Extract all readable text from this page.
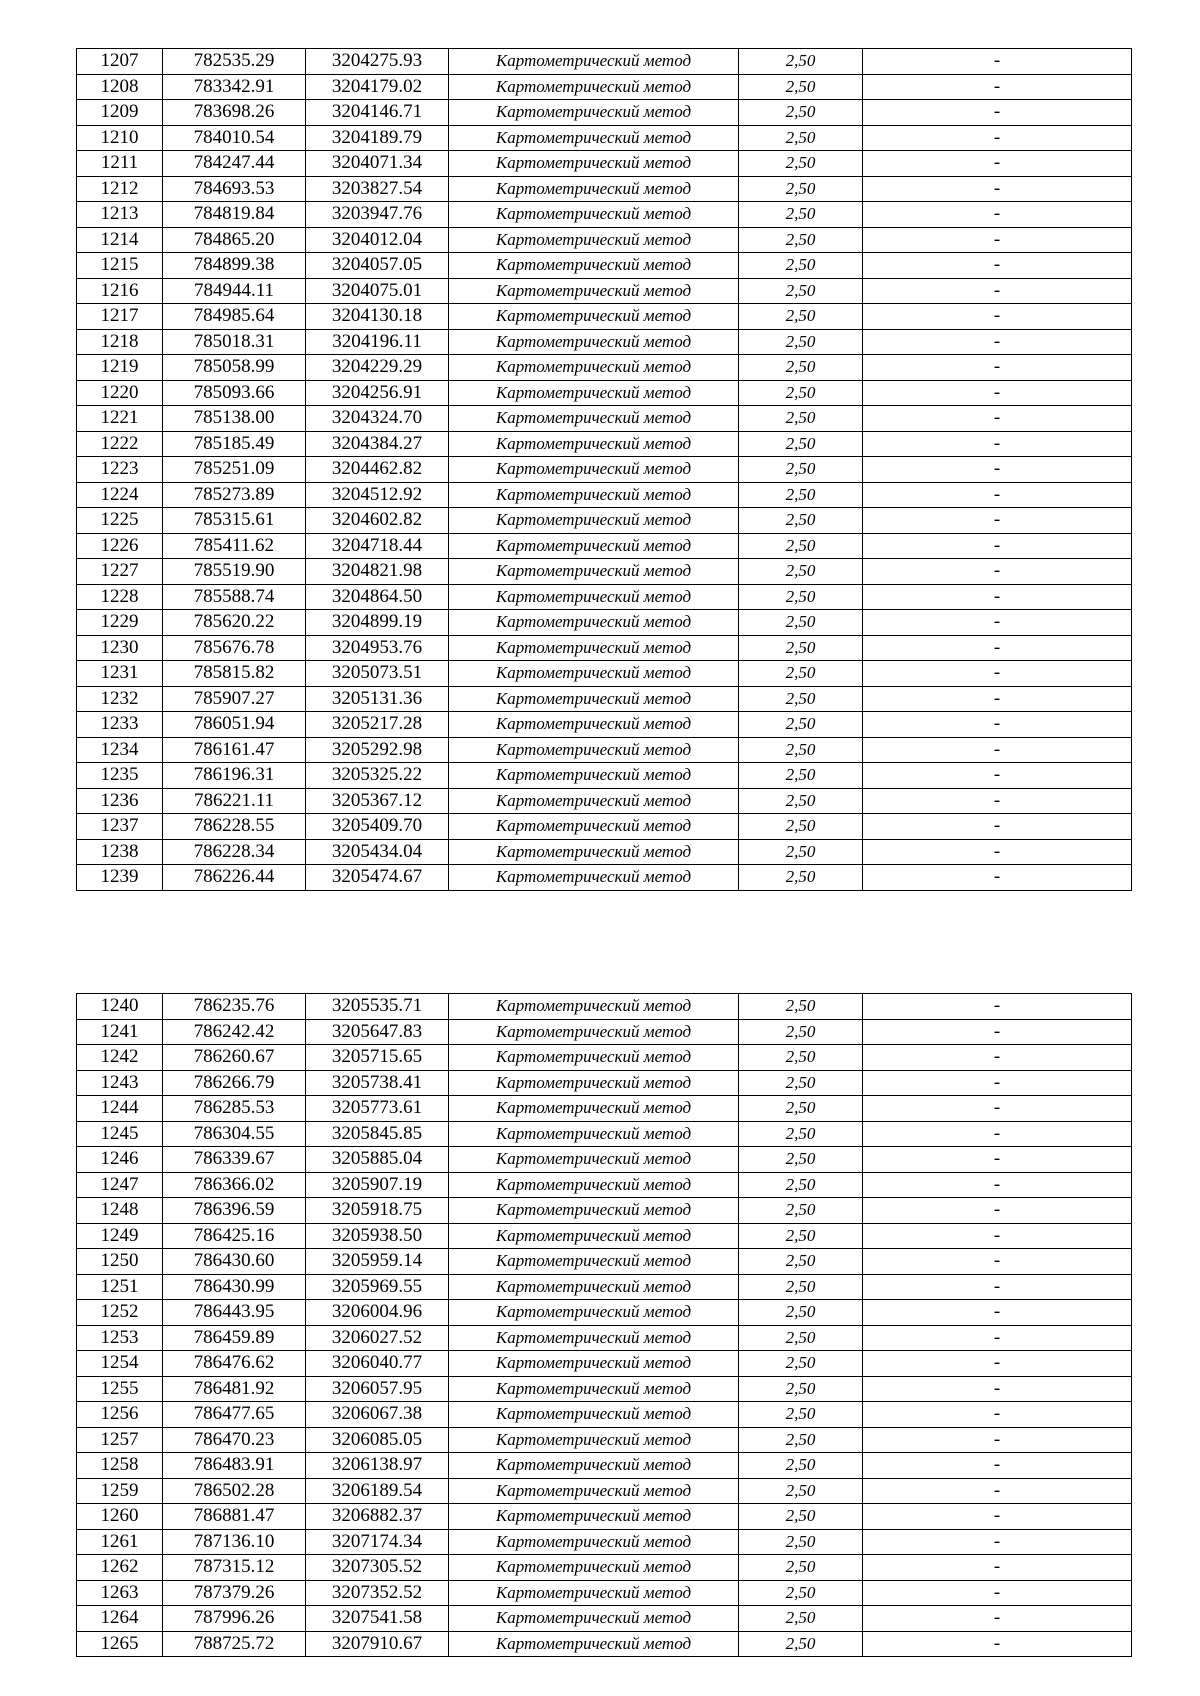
1207	782535.29	3204275.93	Картометрический метод	2,50	-
1208	783342.91	3204179.02	Картометрический метод	2,50	-
1209	783698.26	3204146.71	Картометрический метод	2,50	-
1210	784010.54	3204189.79	Картометрический метод	2,50	-
1211	784247.44	3204071.34	Картометрический метод	2,50	-
1212	784693.53	3203827.54	Картометрический метод	2,50	-
1213	784819.84	3203947.76	Картометрический метод	2,50	-
1214	784865.20	3204012.04	Картометрический метод	2,50	-
1215	784899.38	3204057.05	Картометрический метод	2,50	-
1216	784944.11	3204075.01	Картометрический метод	2,50	-
1217	784985.64	3204130.18	Картометрический метод	2,50	-
1218	785018.31	3204196.11	Картометрический метод	2,50	-
1219	785058.99	3204229.29	Картометрический метод	2,50	-
1220	785093.66	3204256.91	Картометрический метод	2,50	-
1221	785138.00	3204324.70	Картометрический метод	2,50	-
1222	785185.49	3204384.27	Картометрический метод	2,50	-
1223	785251.09	3204462.82	Картометрический метод	2,50	-
1224	785273.89	3204512.92	Картометрический метод	2,50	-
1225	785315.61	3204602.82	Картометрический метод	2,50	-
1226	785411.62	3204718.44	Картометрический метод	2,50	-
1227	785519.90	3204821.98	Картометрический метод	2,50	-
1228	785588.74	3204864.50	Картометрический метод	2,50	-
1229	785620.22	3204899.19	Картометрический метод	2,50	-
1230	785676.78	3204953.76	Картометрический метод	2,50	-
1231	785815.82	3205073.51	Картометрический метод	2,50	-
1232	785907.27	3205131.36	Картометрический метод	2,50	-
1233	786051.94	3205217.28	Картометрический метод	2,50	-
1234	786161.47	3205292.98	Картометрический метод	2,50	-
1235	786196.31	3205325.22	Картометрический метод	2,50	-
1236	786221.11	3205367.12	Картометрический метод	2,50	-
1237	786228.55	3205409.70	Картометрический метод	2,50	-
1238	786228.34	3205434.04	Картометрический метод	2,50	-
1239	786226.44	3205474.67	Картометрический метод	2,50	-
1240	786235.76	3205535.71	Картометрический метод	2,50	-
1241	786242.42	3205647.83	Картометрический метод	2,50	-
1242	786260.67	3205715.65	Картометрический метод	2,50	-
1243	786266.79	3205738.41	Картометрический метод	2,50	-
1244	786285.53	3205773.61	Картометрический метод	2,50	-
1245	786304.55	3205845.85	Картометрический метод	2,50	-
1246	786339.67	3205885.04	Картометрический метод	2,50	-
1247	786366.02	3205907.19	Картометрический метод	2,50	-
1248	786396.59	3205918.75	Картометрический метод	2,50	-
1249	786425.16	3205938.50	Картометрический метод	2,50	-
1250	786430.60	3205959.14	Картометрический метод	2,50	-
1251	786430.99	3205969.55	Картометрический метод	2,50	-
1252	786443.95	3206004.96	Картометрический метод	2,50	-
1253	786459.89	3206027.52	Картометрический метод	2,50	-
1254	786476.62	3206040.77	Картометрический метод	2,50	-
1255	786481.92	3206057.95	Картометрический метод	2,50	-
1256	786477.65	3206067.38	Картометрический метод	2,50	-
1257	786470.23	3206085.05	Картометрический метод	2,50	-
1258	786483.91	3206138.97	Картометрический метод	2,50	-
1259	786502.28	3206189.54	Картометрический метод	2,50	-
1260	786881.47	3206882.37	Картометрический метод	2,50	-
1261	787136.10	3207174.34	Картометрический метод	2,50	-
1262	787315.12	3207305.52	Картометрический метод	2,50	-
1263	787379.26	3207352.52	Картометрический метод	2,50	-
1264	787996.26	3207541.58	Картометрический метод	2,50	-
1265	788725.72	3207910.67	Картометрический метод	2,50	-
